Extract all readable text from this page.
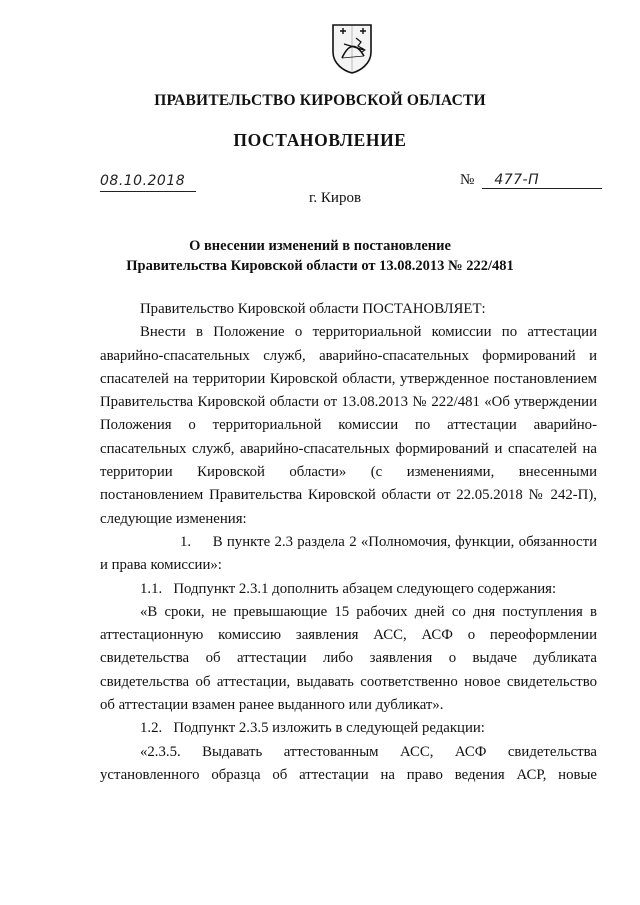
ПРАВИТЕЛЬСТВО КИРОВСКОЙ ОБЛАСТИ
ПОСТАНОВЛЕНИЕ
08.10.2018	№ 477-П
г. Киров
О внесении изменений в постановление
Правительства Кировской области от 13.08.2013 № 222/481

Правительство Кировской области ПОСТАНОВЛЯЕТ:

Внести в Положение о территориальной комиссии по аттестации аварийно-спасательных служб, аварийно-спасательных формирований и спасателей на территории Кировской области, утвержденное постановлением Правительства Кировской области от 13.08.2013 № 222/481 «Об утверждении Положения о территориальной комиссии по аттестации аварийно-спасательных служб, аварийно-спасательных формирований и спасателей на территории Кировской области» (с изменениями, внесенными постановлением Правительства Кировской области от 22.05.2018 № 242-П), следующие изменения:

1. В пункте 2.3 раздела 2 «Полномочия, функции, обязанности и права комиссии»:

1.1. Подпункт 2.3.1 дополнить абзацем следующего содержания:

«В сроки, не превышающие 15 рабочих дней со дня поступления в аттестационную комиссию заявления АСС, АСФ о переоформлении свидетельства об аттестации либо заявления о выдаче дубликата свидетельства об аттестации, выдавать соответственно новое свидетельство об аттестации взамен ранее выданного или дубликат».

1.2. Подпункт 2.3.5 изложить в следующей редакции:

«2.3.5. Выдавать аттестованным АСС, АСФ свидетельства установленного образца об аттестации на право ведения АСР, новые
